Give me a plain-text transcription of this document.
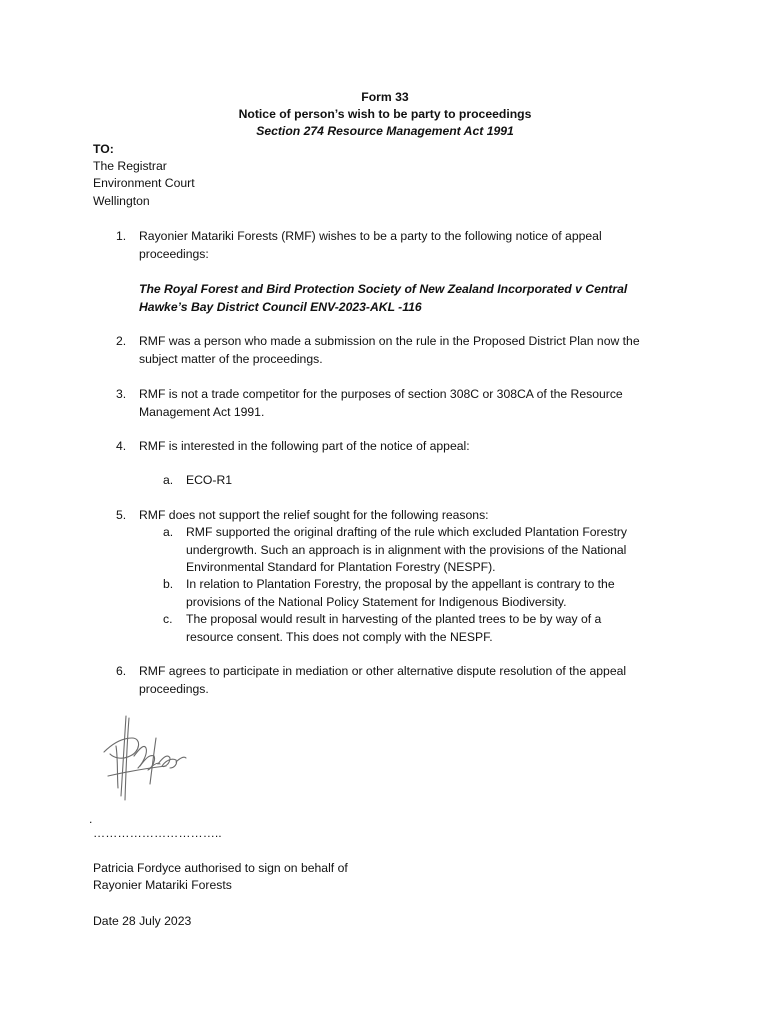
Form 33
Notice of person’s wish to be party to proceedings
Section 274 Resource Management Act 1991
TO:
The Registrar
Environment Court
Wellington
1. Rayonier Matariki Forests (RMF) wishes to be a party to the following notice of appeal
proceedings:
The Royal Forest and Bird Protection Society of New Zealand Incorporated v Central
Hawke’s Bay District Council ENV-2023-AKL -116
2. RMF was a person who made a submission on the rule in the Proposed District Plan now the
subject matter of the proceedings.
3. RMF is not a trade competitor for the purposes of section 308C or 308CA of the Resource
Management Act 1991.
4. RMF is interested in the following part of the notice of appeal:
a. ECO-R1
5. RMF does not support the relief sought for the following reasons:
a. RMF supported the original drafting of the rule which excluded Plantation Forestry
undergrowth. Such an approach is in alignment with the provisions of the National
Environmental Standard for Plantation Forestry (NESPF).
b. In relation to Plantation Forestry, the proposal by the appellant is contrary to the
provisions of the National Policy Statement for Indigenous Biodiversity.
c. The proposal would result in harvesting of the planted trees to be by way of a
resource consent. This does not comply with the NESPF.
6. RMF agrees to participate in mediation or other alternative dispute resolution of the appeal
proceedings.
.
…………………………..
Patricia Fordyce authorised to sign on behalf of
Rayonier Matariki Forests
Date 28 July 2023
